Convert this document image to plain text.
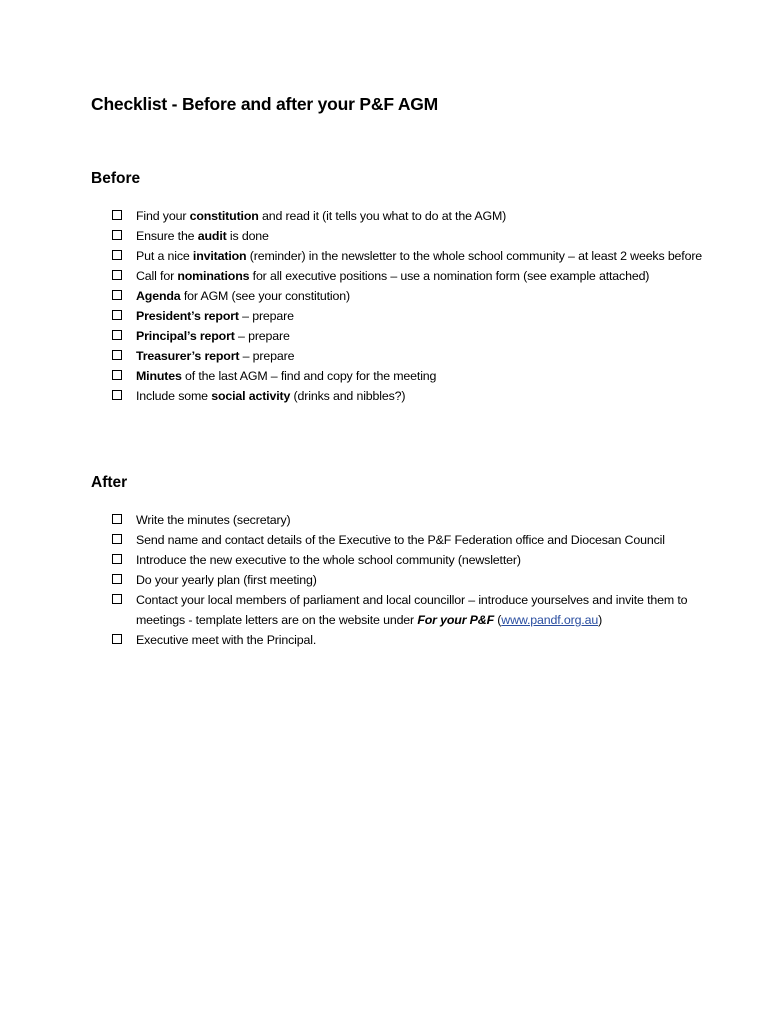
Checklist - Before and after your P&F AGM
Before
Find your constitution and read it (it tells you what to do at the AGM)
Ensure the audit is done
Put a nice invitation (reminder) in the newsletter to the whole school community – at least 2 weeks before
Call for nominations for all executive positions – use a nomination form (see example attached)
Agenda for AGM (see your constitution)
President’s report – prepare
Principal’s report – prepare
Treasurer’s report – prepare
Minutes of the last AGM – find and copy for the meeting
Include some social activity (drinks and nibbles?)
After
Write the minutes (secretary)
Send name and contact details of the Executive to the P&F Federation office and Diocesan Council
Introduce the new executive to the whole school community (newsletter)
Do your yearly plan (first meeting)
Contact your local members of parliament and local councillor – introduce yourselves and invite them to meetings - template letters are on the website under For your P&F (www.pandf.org.au)
Executive meet with the Principal.
